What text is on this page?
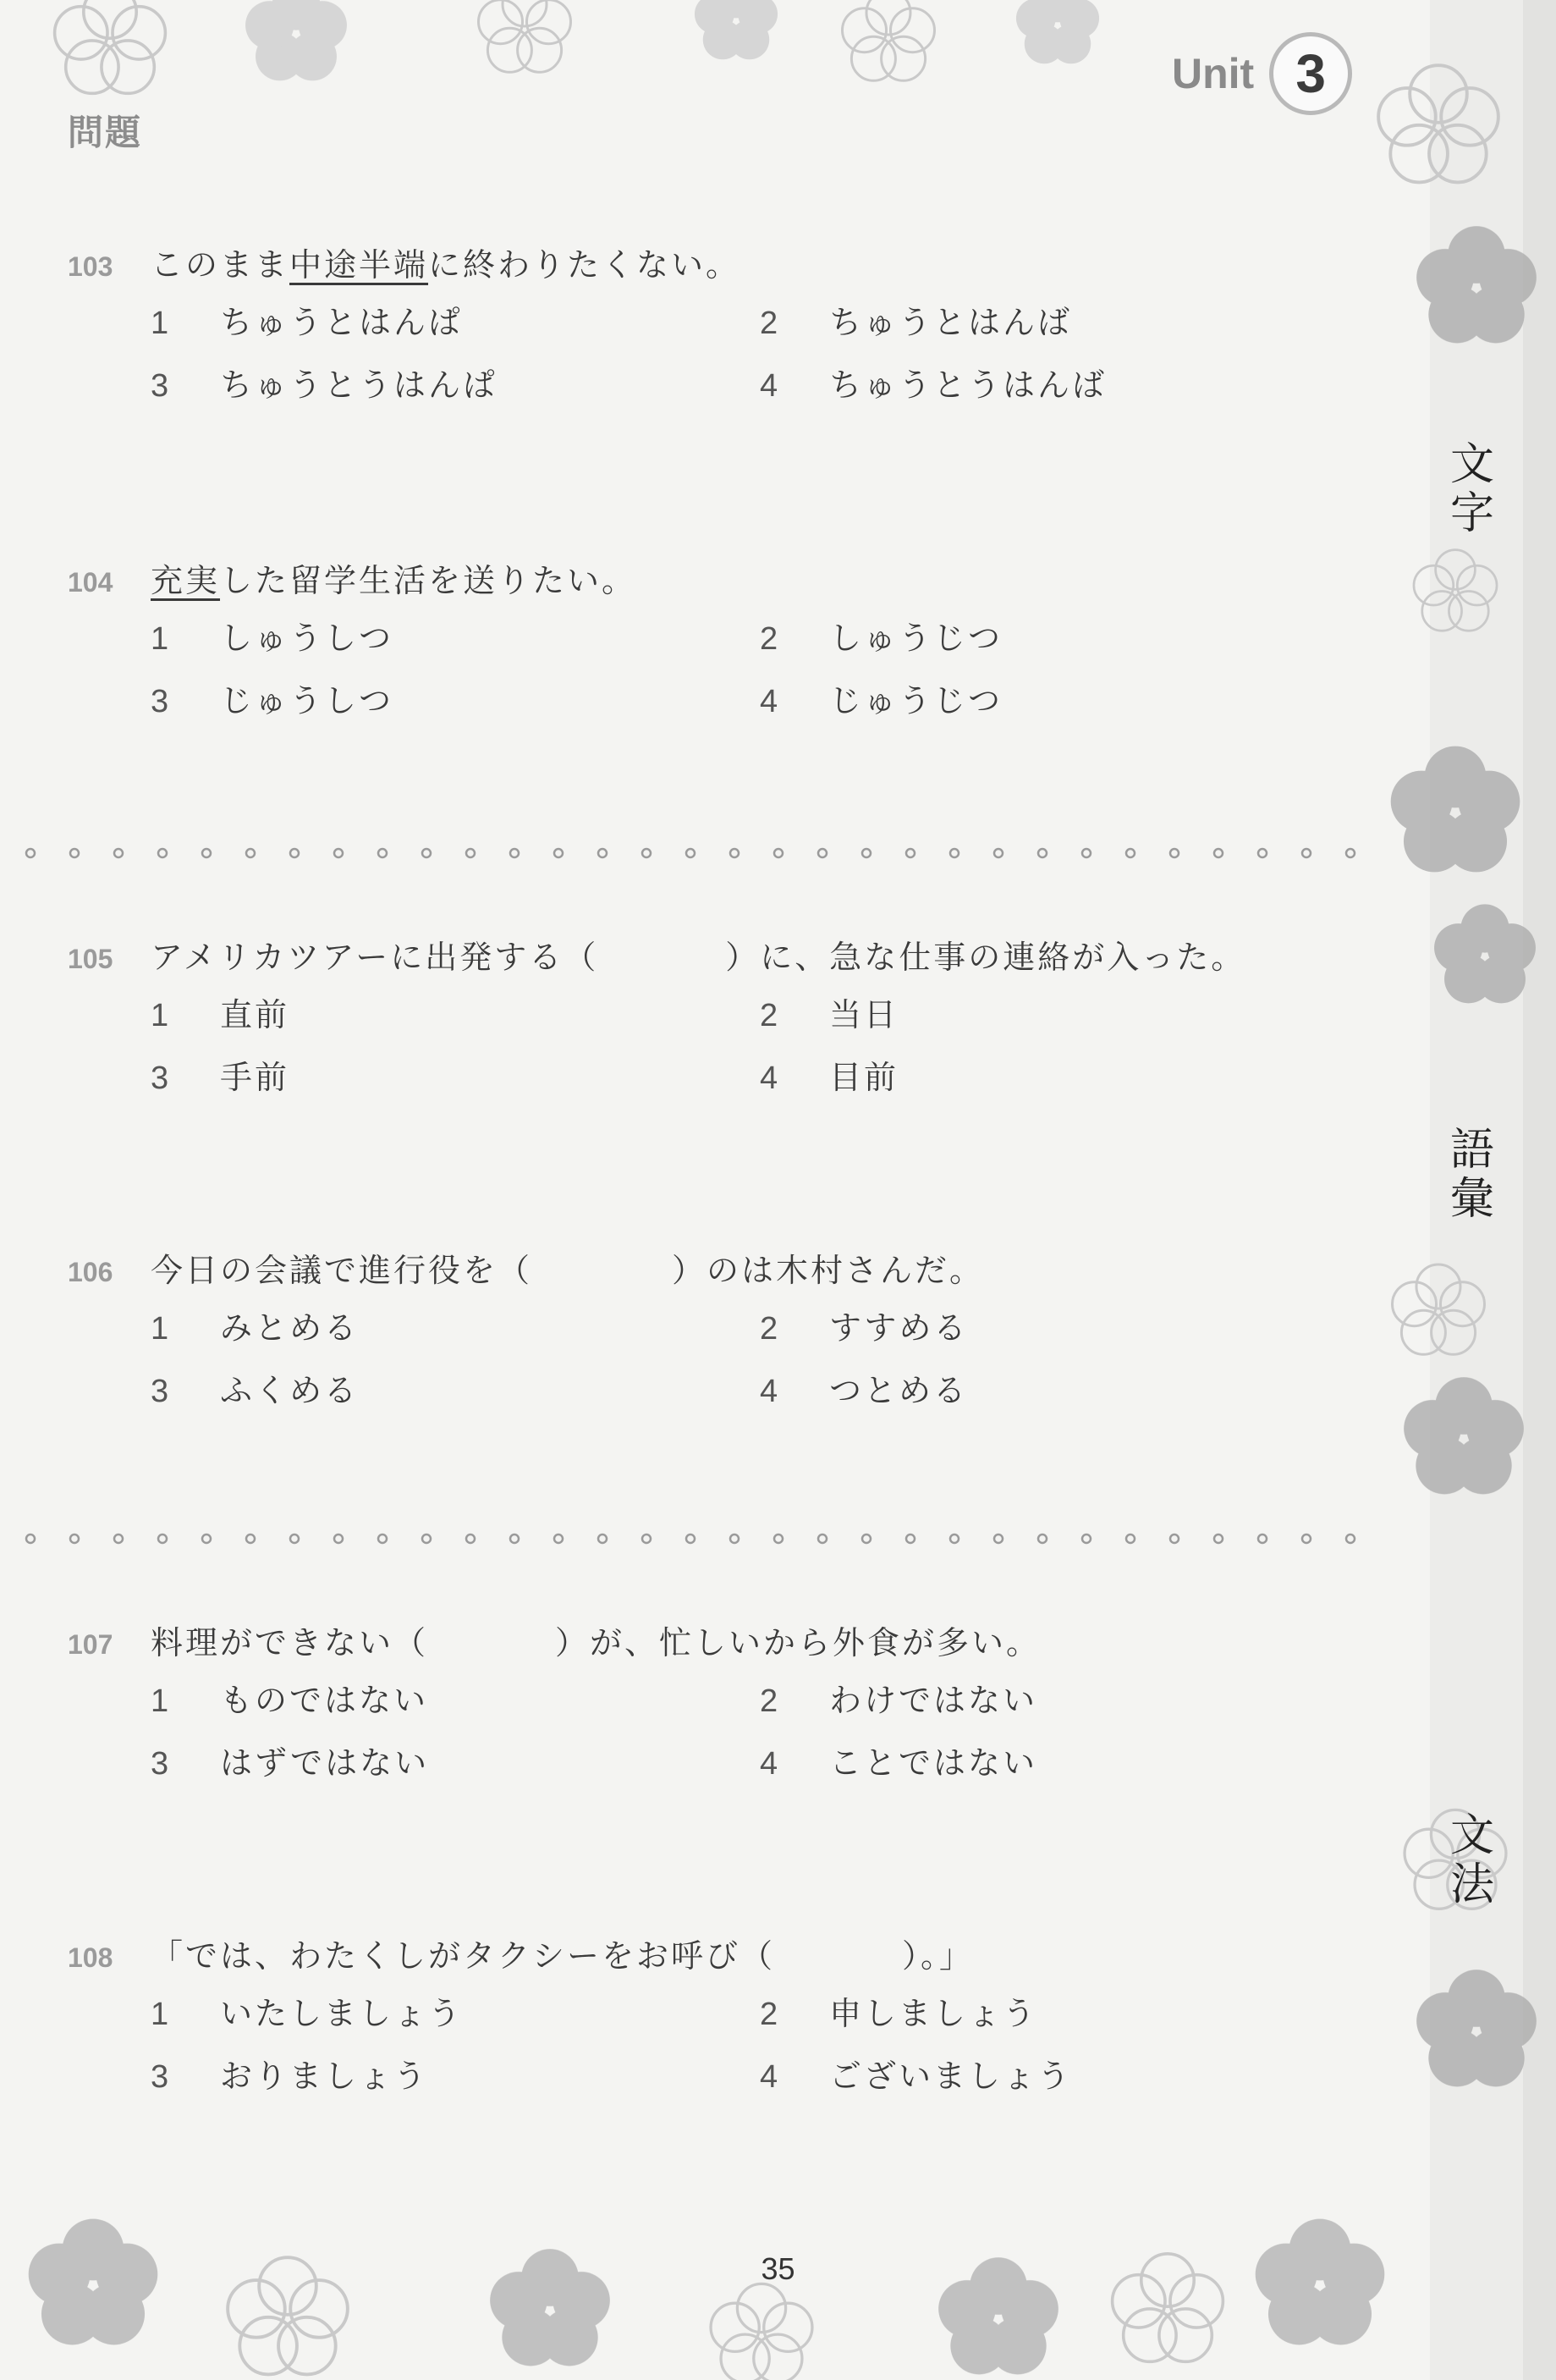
Unit 3
問題
文字
語彙
文法
103	このまま中途半端に終わりたくない。
1	ちゅうとはんぱ	2	ちゅうとはんば
3	ちゅうとうはんぱ	4	ちゅうとうはんば
104	充実した留学生活を送りたい。
1	しゅうしつ	2	しゅうじつ
3	じゅうしつ	4	じゅうじつ
105	アメリカツアーに出発する（	）に、急な仕事の連絡が入った。
1	直前	2	当日
3	手前	4	目前
106	今日の会議で進行役を（	）のは木村さんだ。
1	みとめる	2	すすめる
3	ふくめる	4	つとめる
107	料理ができない（	）が、忙しいから外食が多い。
1	ものではない	2	わけではない
3	はずではない	4	ことではない
108	「では、わたくしがタクシーをお呼び（	）。」
1	いたしましょう	2	申しましょう
3	おりましょう	4	ございましょう
35
